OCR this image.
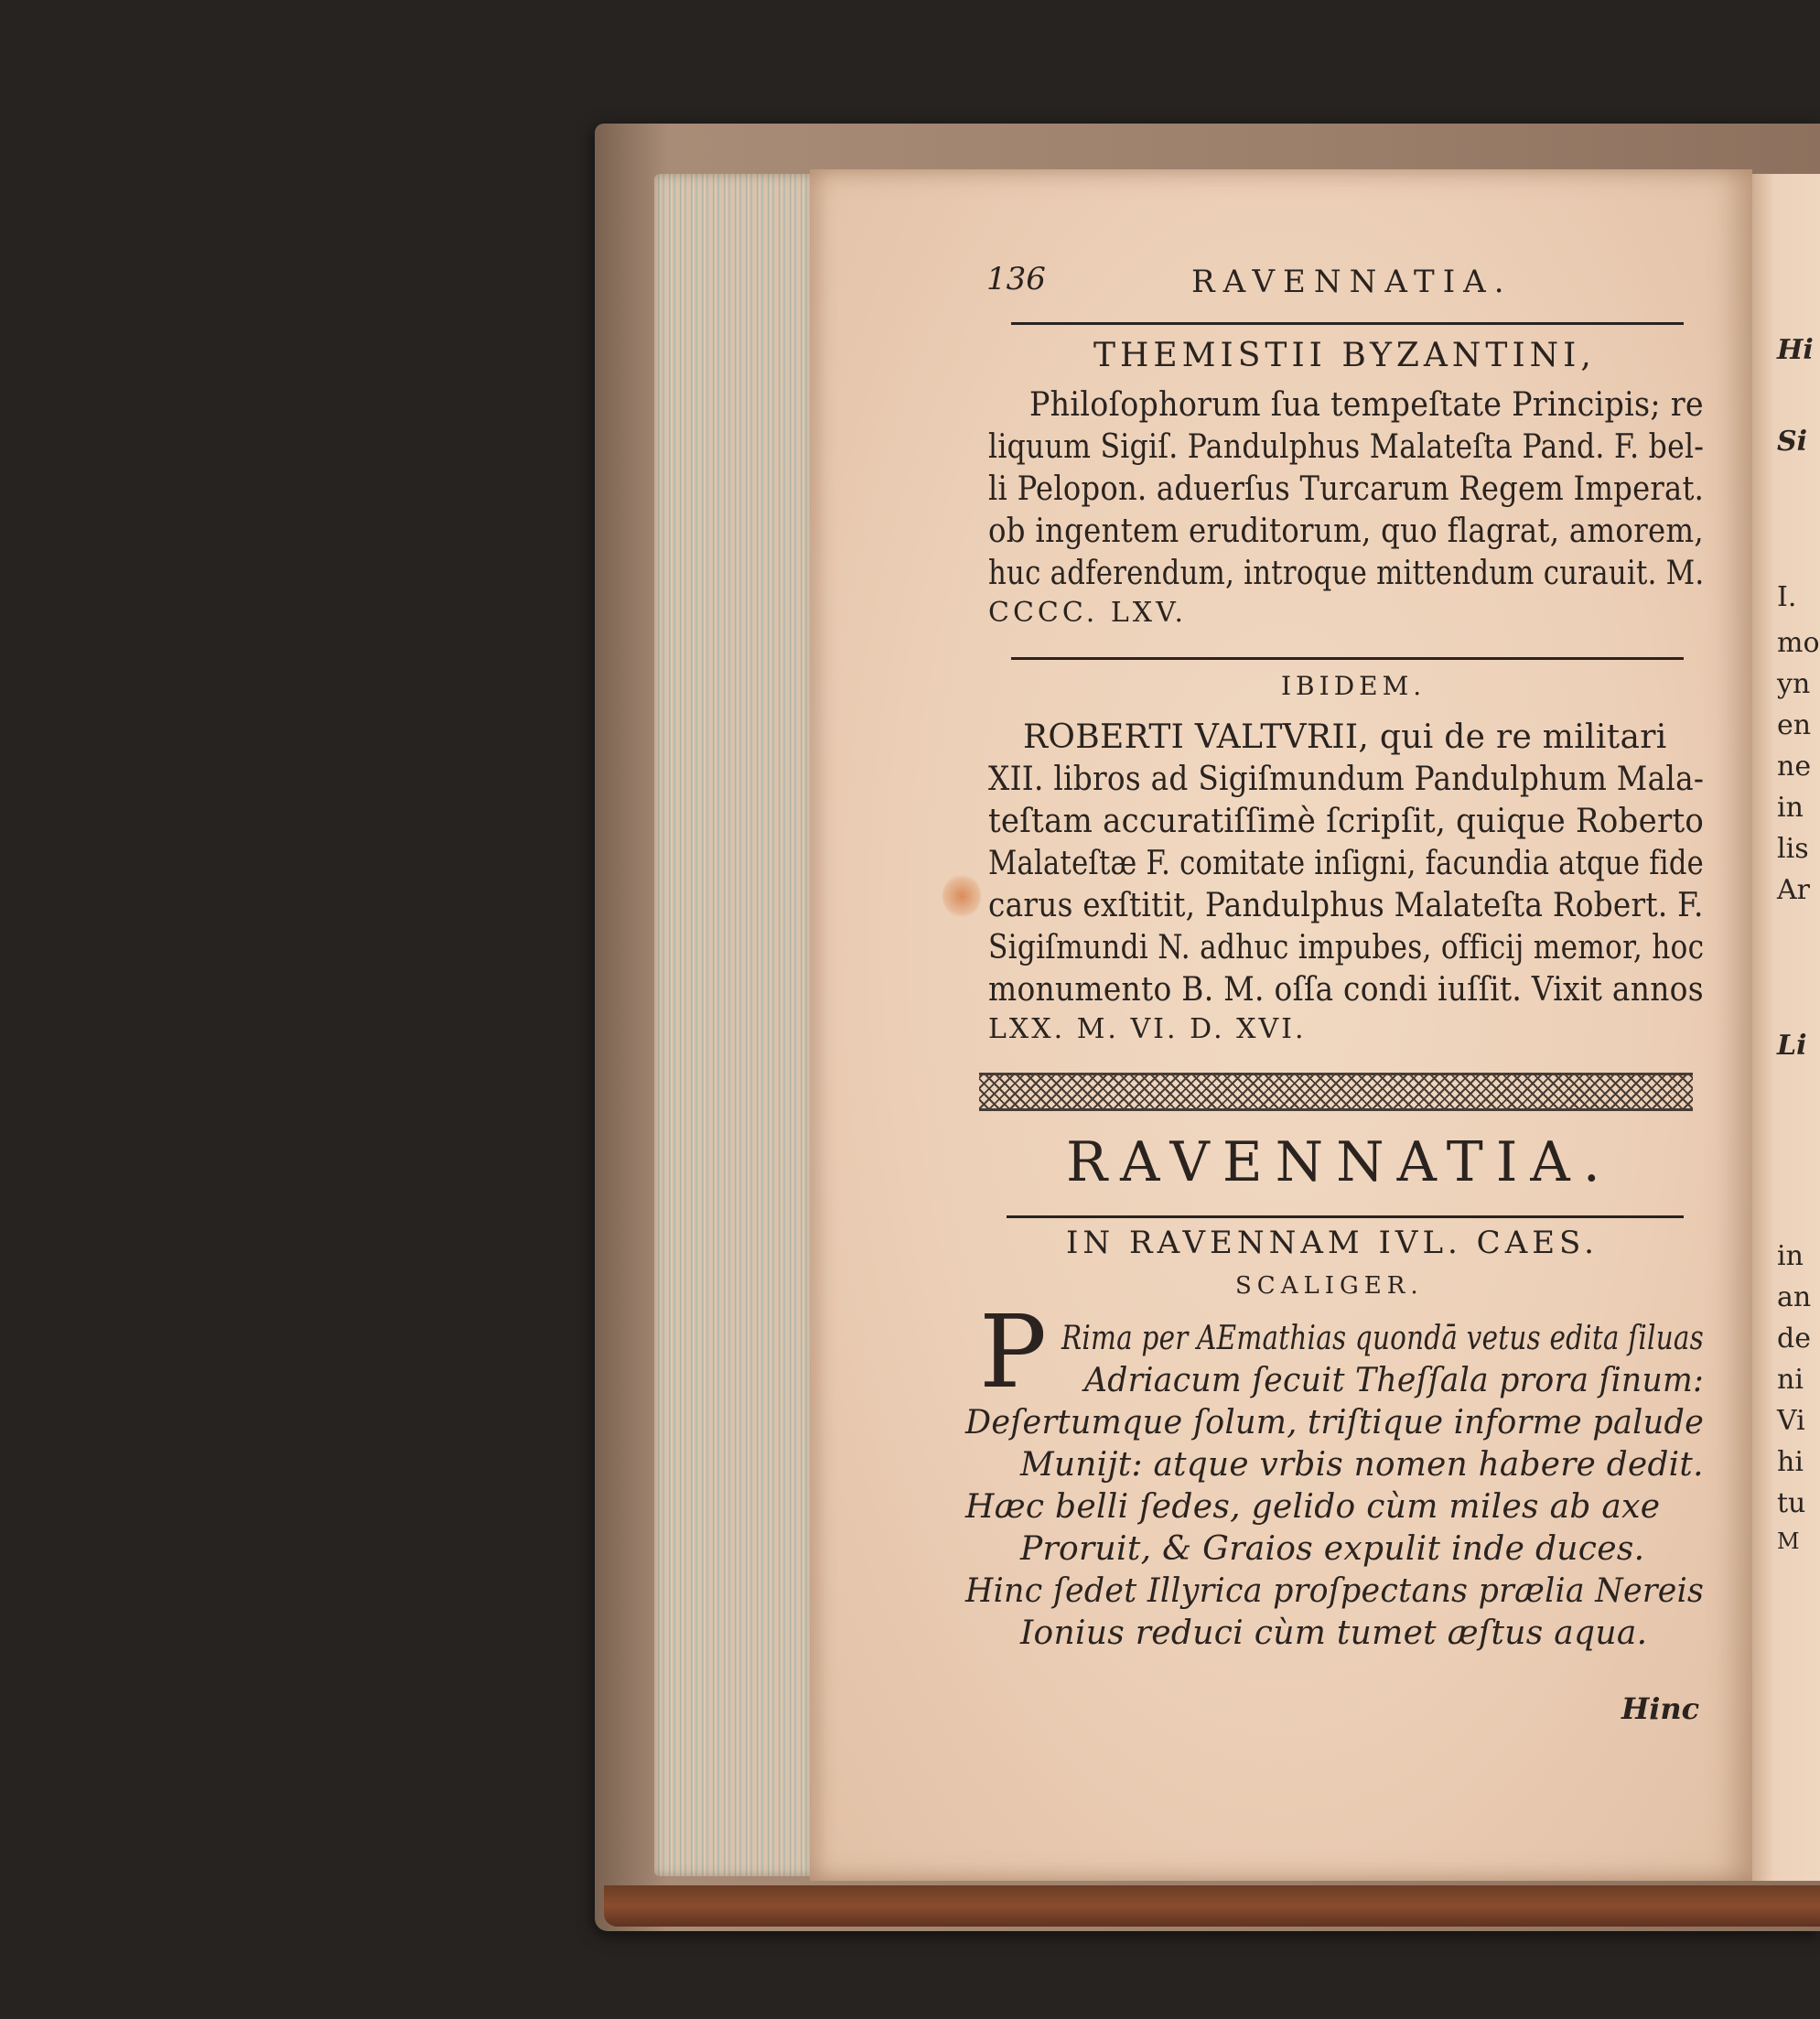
Hi
Si
I.
mo
yn
en
ne
in
lis
Ar
Li
in
an
de
ni
Vi
hi
tu
M
136	RAVENNATIA.
THEMISTII BYZANTINI,
Philoſophorum ſua tempeſtate Principis; re
liquum Sigiſ. Pandulphus Malateſta Pand. F. bel-
li Pelopon. aduerſus Turcarum Regem Imperat.
ob ingentem eruditorum, quo flagrat, amorem,
huc adferendum, introque mittendum curauit. M.
CCCC. LXV.
IBIDEM.
ROBERTI VALTVRII, qui de re militari
XII. libros ad Sigiſmundum Pandulphum Mala-
teſtam accuratiſſimè ſcripſit, quique Roberto
Malateſtæ F. comitate inſigni, facundia atque fide
carus exſtitit, Pandulphus Malateſta Robert. F.
Sigiſmundi N. adhuc impubes, officij memor, hoc
monumento B. M. oſſa condi iuſſit. Vixit annos
LXX. M. VI. D. XVI.
RAVENNATIA.
IN RAVENNAM IVL. CAES.
SCALIGER.
P Rima per AEmathias quondā vetus edita ſiluas
Adriacum ſecuit Theſſala prora ſinum:
Deſertumque ſolum, triſtique informe palude
Munijt: atque vrbis nomen habere dedit.
Hæc belli ſedes, gelido cùm miles ab axe
Proruit, & Graios expulit inde duces.
Hinc ſedet Illyrica proſpectans prælia Nereis
Ionius reduci cùm tumet æſtus aqua.
Hinc
